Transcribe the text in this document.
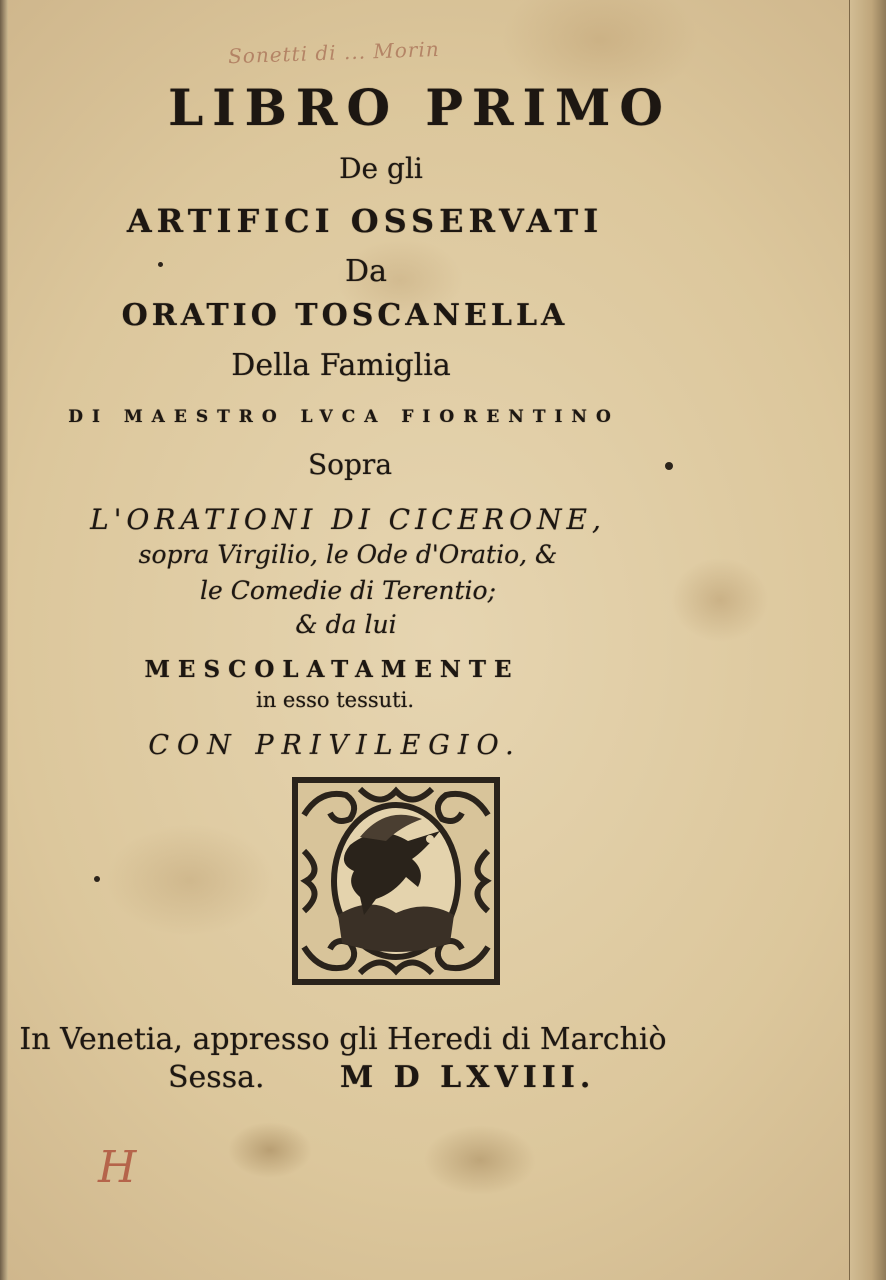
Sonetti di ... Morin
LIBRO PRIMO
De gli
ARTIFICI OSSERVATI
Da
ORATIO TOSCANELLA
Della Famiglia
DI MAESTRO LVCA FIORENTINO
Sopra
L'ORATIONI DI CICERONE,
sopra Virgilio, le Ode d'Oratio, &
le Comedie di Terentio;
& da lui
MESCOLATAMENTE
in esso tessuti.
CON PRIVILEGIO.
In Venetia, appresso gli Heredi di Marchiò
Sessa.	M D LXVIII.
H
